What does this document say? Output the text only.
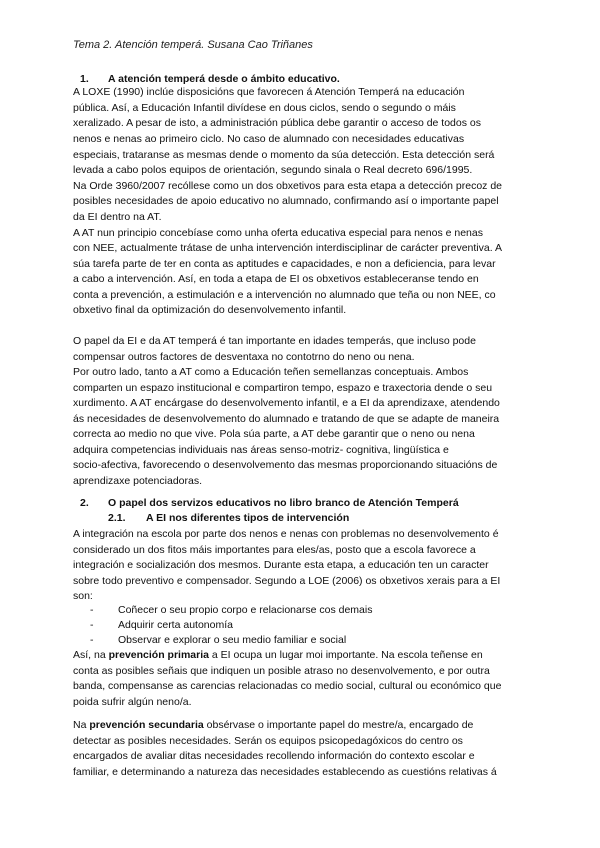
Tema 2. Atención temperá. Susana Cao Triñanes
1. A atención temperá desde o ámbito educativo.
A LOXE (1990) inclúe disposicións que favorecen á Atención Temperá na educación
pública. Así, a Educación Infantil divídese en dous ciclos, sendo o segundo o máis
xeralizado. A pesar de isto, a administración pública debe garantir o acceso de todos os
nenos e nenas ao primeiro ciclo. No caso de alumnado con necesidades educativas
especiais, trataranse as mesmas dende o momento da súa detección. Esta detección será
levada a cabo polos equipos de orientación, segundo sinala o Real decreto 696/1995.
Na Orde 3960/2007 recóllese como un dos obxetivos para esta etapa a detección precoz de
posibles necesidades de apoio educativo no alumnado, confirmando así o importante papel
da EI dentro na AT.
A AT nun principio concebíase como unha oferta educativa especial para nenos e nenas
con NEE, actualmente trátase de unha intervención interdisciplinar de carácter preventiva. A
súa tarefa parte de ter en conta as aptitudes e capacidades, e non a deficiencia, para levar
a cabo a intervención. Así, en toda a etapa de EI os obxetivos estableceranse tendo en
conta a prevención, a estimulación e a intervención no alumnado que teña ou non NEE, co
obxetivo final da optimización do desenvolvemento infantil.
O papel da EI e da AT temperá é tan importante en idades temperás, que incluso pode
compensar outros factores de desventaxa no contotrno do neno ou nena.
Por outro lado, tanto a AT como a Educación teñen semellanzas conceptuais. Ambos
comparten un espazo institucional e compartiron tempo, espazo e traxectoria dende o seu
xurdimento. A AT encárgase do desenvolvemento infantil, e a EI da aprendizaxe, atendendo
ás necesidades de desenvolvemento do alumnado e tratando de que se adapte de maneira
correcta ao medio no que vive. Pola súa parte, a AT debe garantir que o neno ou nena
adquira competencias individuais nas áreas senso-motriz- cognitiva, lingüística e
socio-afectiva, favorecendo o desenvolvemento das mesmas proporcionando situacións de
aprendizaxe potenciadoras.
2. O papel dos servizos educativos no libro branco de Atención Temperá
2.1. A EI nos diferentes tipos de intervención
A integración na escola por parte dos nenos e nenas con problemas no desenvolvemento é
considerado un dos fitos máis importantes para eles/as, posto que a escola favorece a
integración e socialización dos mesmos. Durante esta etapa, a educación ten un caracter
sobre todo preventivo e compensador. Segundo a LOE (2006) os obxetivos xerais para a EI
son:
- Coñecer o seu propio corpo e relacionarse cos demais
- Adquirir certa autonomía
- Observar e explorar o seu medio familiar e social
Así, na prevención primaria a EI ocupa un lugar moi importante. Na escola teñense en
conta as posibles señais que indiquen un posible atraso no desenvolvemento, e por outra
banda, compensanse as carencias relacionadas co medio social, cultural ou económico que
poida sufrir algún neno/a.
Na prevención secundaria obsérvase o importante papel do mestre/a, encargado de
detectar as posibles necesidades. Serán os equipos psicopedagóxicos do centro os
encargados de avaliar ditas necesidades recollendo información do contexto escolar e
familiar, e determinando a natureza das necesidades establecendo as cuestións relativas á
